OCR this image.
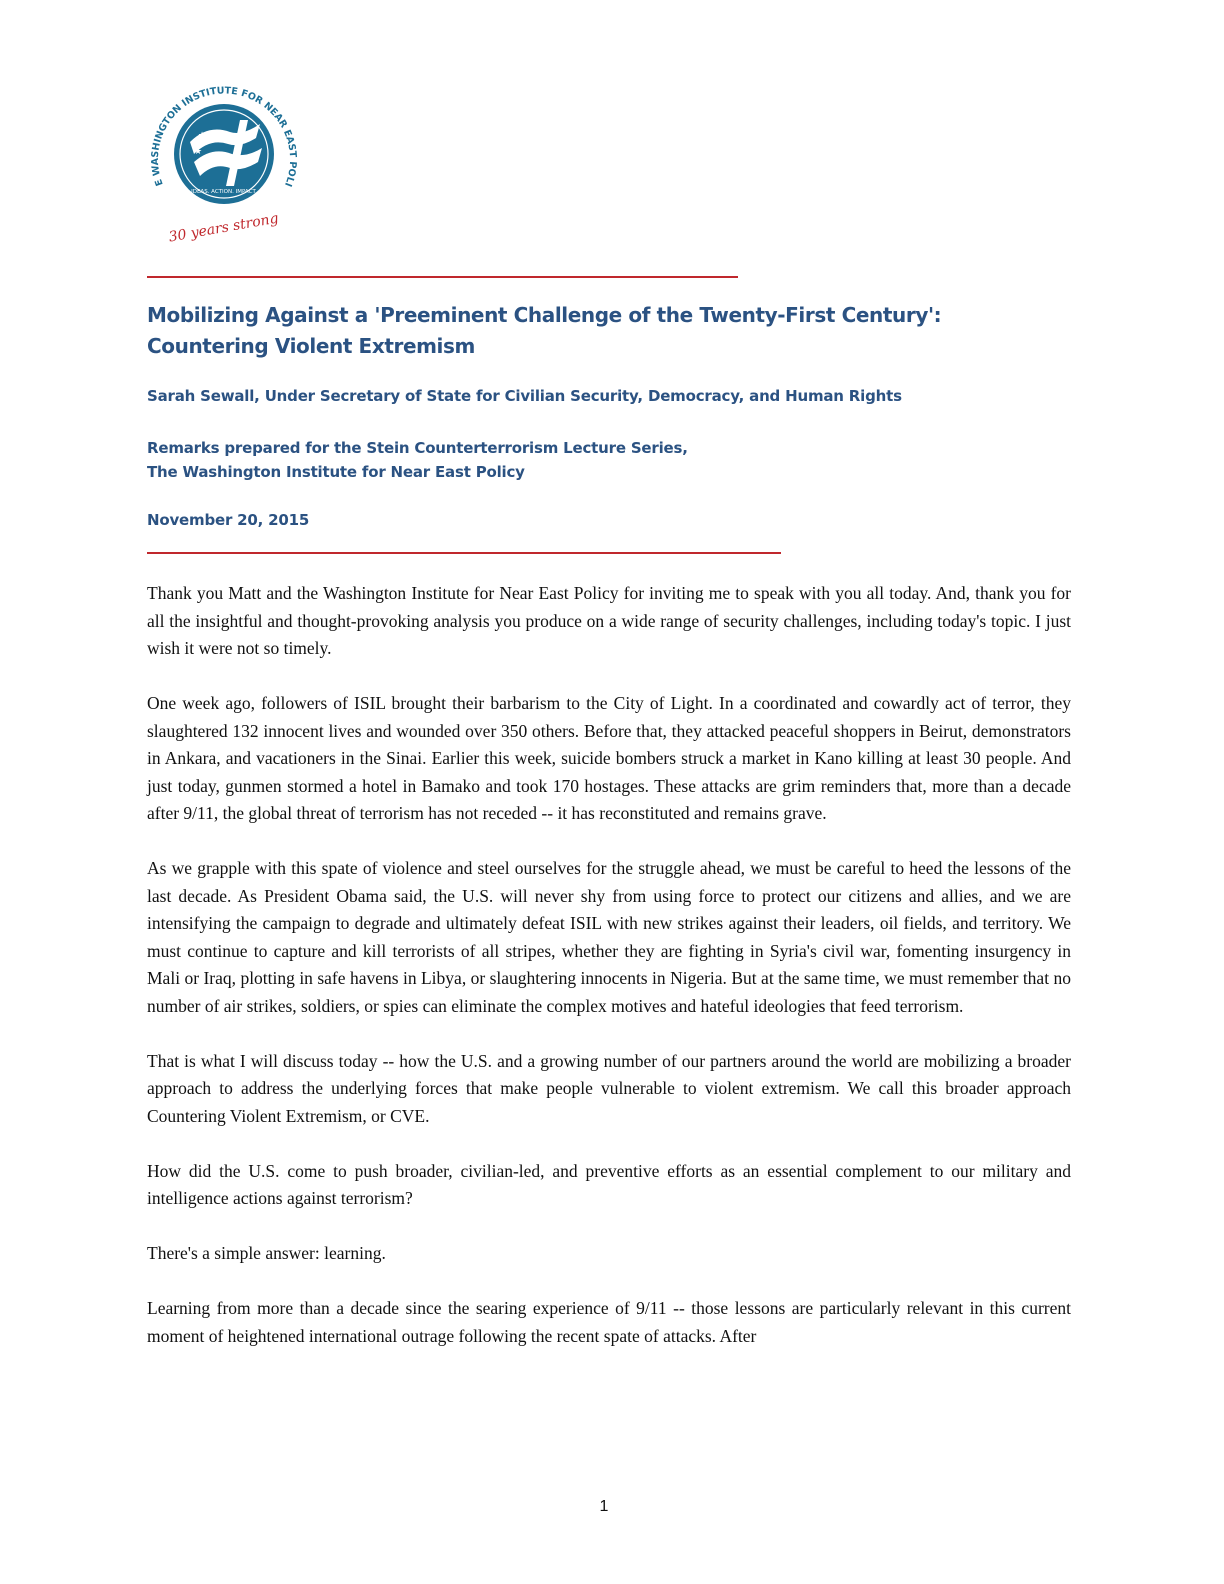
★
★
★
IDEAS. ACTION. IMPACT.
E WASHINGTON INSTITUTE FOR NEAR EAST POLI
30 years strong
Mobilizing Against a 'Preeminent Challenge of the Twenty-First Century':
Countering Violent Extremism
Sarah Sewall, Under Secretary of State for Civilian Security, Democracy, and Human Rights
Remarks prepared for the Stein Counterterrorism Lecture Series,
The Washington Institute for Near East Policy
November 20, 2015

Thank you Matt and the Washington Institute for Near East Policy for inviting me to speak with you all today. And, thank you for all the insightful and thought-provoking analysis you produce on a wide range of security challenges, including today's topic. I just wish it were not so timely.

One week ago, followers of ISIL brought their barbarism to the City of Light. In a coordinated and cowardly act of terror, they slaughtered 132 innocent lives and wounded over 350 others. Before that, they attacked peaceful shoppers in Beirut, demonstrators in Ankara, and vacationers in the Sinai. Earlier this week, suicide bombers struck a market in Kano killing at least 30 people. And just today, gunmen stormed a hotel in Bamako and took 170 hostages. These attacks are grim reminders that, more than a decade after 9/11, the global threat of terrorism has not receded -- it has reconstituted and remains grave.

As we grapple with this spate of violence and steel ourselves for the struggle ahead, we must be careful to heed the lessons of the last decade. As President Obama said, the U.S. will never shy from using force to protect our citizens and allies, and we are intensifying the campaign to degrade and ultimately defeat ISIL with new strikes against their leaders, oil fields, and territory. We must continue to capture and kill terrorists of all stripes, whether they are fighting in Syria's civil war, fomenting insurgency in Mali or Iraq, plotting in safe havens in Libya, or slaughtering innocents in Nigeria. But at the same time, we must remember that no number of air strikes, soldiers, or spies can eliminate the complex motives and hateful ideologies that feed terrorism.

That is what I will discuss today -- how the U.S. and a growing number of our partners around the world are mobilizing a broader approach to address the underlying forces that make people vulnerable to violent extremism. We call this broader approach Countering Violent Extremism, or CVE.

How did the U.S. come to push broader, civilian-led, and preventive efforts as an essential complement to our military and intelligence actions against terrorism?

There's a simple answer: learning.

Learning from more than a decade since the searing experience of 9/11 -- those lessons are particularly relevant in this current moment of heightened international outrage following the recent spate of attacks. After

1
